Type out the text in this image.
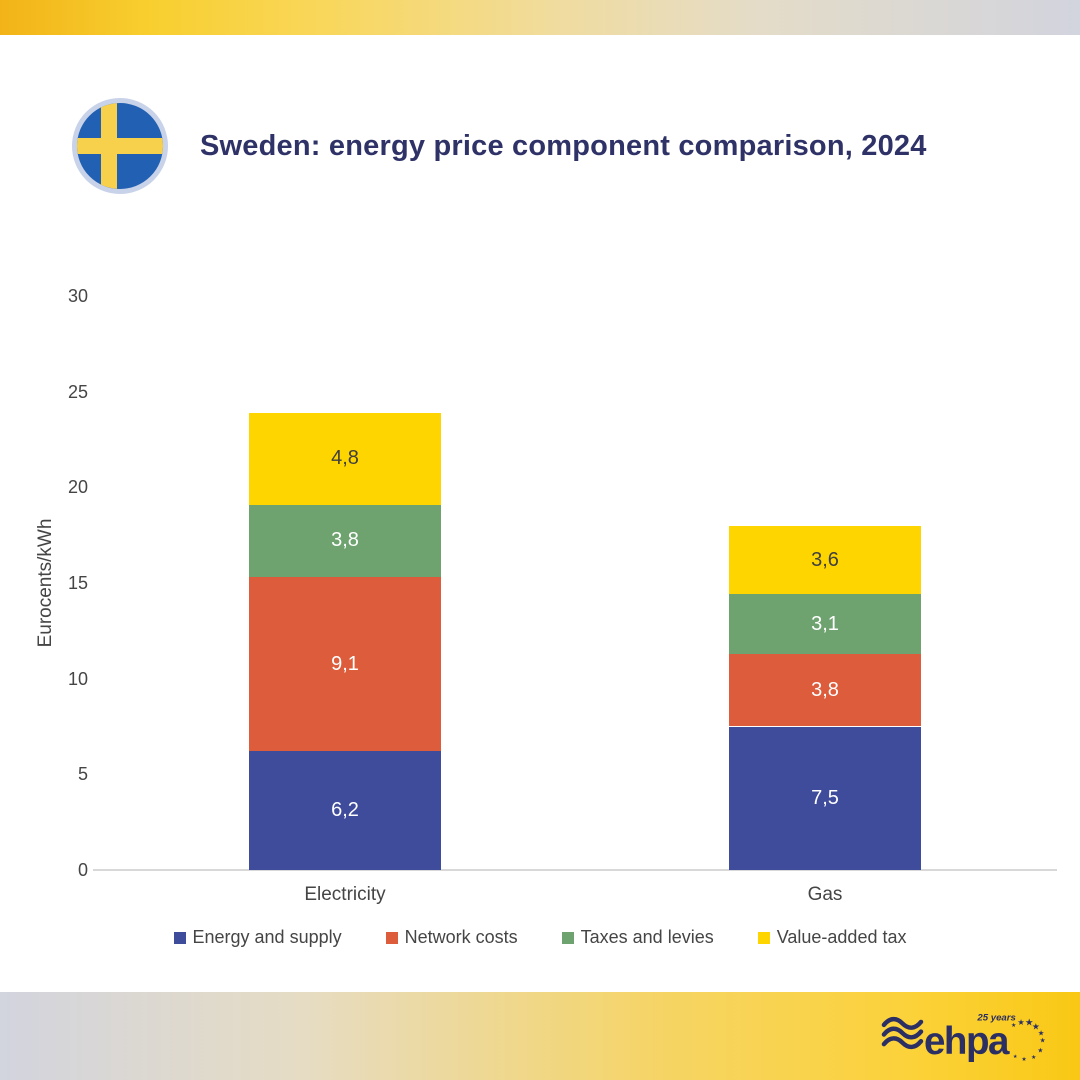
Sweden: energy price component comparison, 2024
Eurocents/kWh
0
5
10
15
20
25
30
6,2
9,1
3,8
4,8
Electricity
7,5
3,8
3,1
3,6
Gas
Energy and supply	Network costs	Taxes and levies	Value-added tax
ehpa
25 years
★ ★ ★
★
★
★
★
★
★
★
